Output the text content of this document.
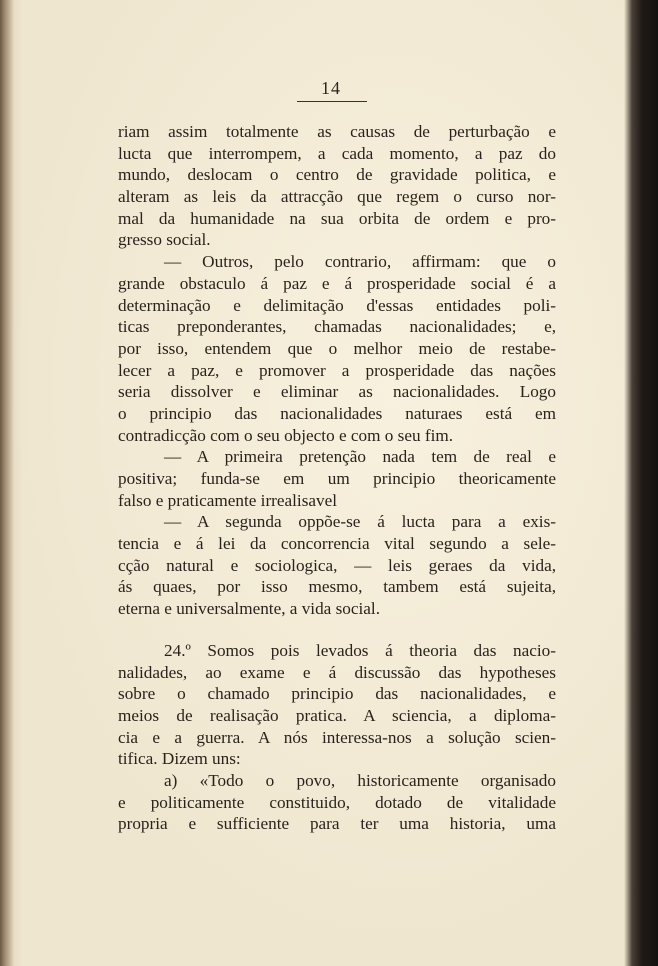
14
riam assim totalmente as causas de perturbação e
lucta que interrompem, a cada momento, a paz do
mundo, deslocam o centro de gravidade politica, e
alteram as leis da attracção que regem o curso nor-
mal da humanidade na sua orbita de ordem e pro-
gresso social.
— Outros, pelo contrario, affirmam: que o
grande obstaculo á paz e á prosperidade social é a
determinação e delimitação d'essas entidades poli-
ticas preponderantes, chamadas nacionalidades; e,
por isso, entendem que o melhor meio de restabe-
lecer a paz, e promover a prosperidade das nações
seria dissolver e eliminar as nacionalidades. Logo
o principio das nacionalidades naturaes está em
contradicção com o seu objecto e com o seu fim.
— A primeira pretenção nada tem de real e
positiva; funda-se em um principio theoricamente
falso e praticamente irrealisavel
— A segunda oppõe-se á lucta para a exis-
tencia e á lei da concorrencia vital segundo a sele-
cção natural e sociologica, — leis geraes da vida,
ás quaes, por isso mesmo, tambem está sujeita,
eterna e universalmente, a vida social.
24.º Somos pois levados á theoria das nacio-
nalidades, ao exame e á discussão das hypotheses
sobre o chamado principio das nacionalidades, e
meios de realisação pratica. A sciencia, a diploma-
cia e a guerra. A nós interessa-nos a solução scien-
tifica. Dizem uns:
a) «Todo o povo, historicamente organisado
e politicamente constituido, dotado de vitalidade
propria e sufficiente para ter uma historia, uma
